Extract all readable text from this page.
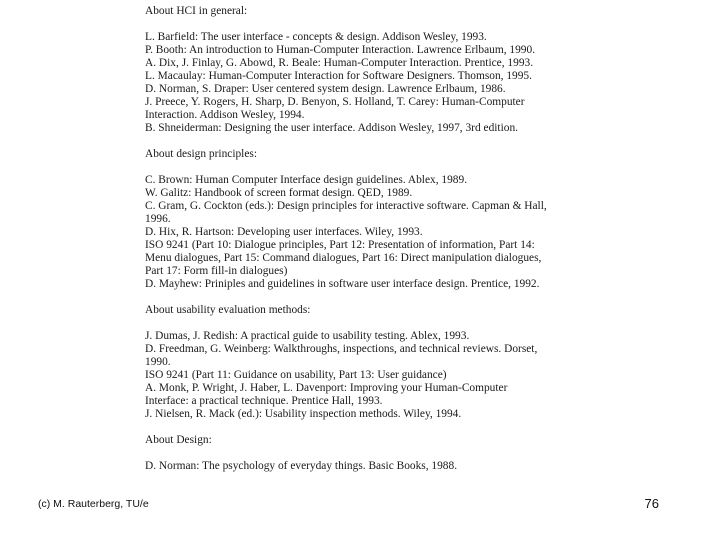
About HCI in general:
L. Barfield: The user interface - concepts & design. Addison Wesley, 1993.
P. Booth: An introduction to Human-Computer Interaction. Lawrence Erlbaum, 1990.
A. Dix, J. Finlay, G. Abowd, R. Beale: Human-Computer Interaction. Prentice, 1993.
L. Macaulay: Human-Computer Interaction for Software Designers. Thomson, 1995.
D. Norman, S. Draper: User centered system design. Lawrence Erlbaum, 1986.
J. Preece, Y. Rogers, H. Sharp, D. Benyon, S. Holland, T. Carey: Human-Computer
Interaction. Addison Wesley, 1994.
B. Shneiderman: Designing the user interface. Addison Wesley, 1997, 3rd edition.
About design principles:
C. Brown: Human Computer Interface design guidelines. Ablex, 1989.
W. Galitz: Handbook of screen format design. QED, 1989.
C. Gram, G. Cockton (eds.): Design principles for interactive software. Capman & Hall,
1996.
D. Hix, R. Hartson: Developing user interfaces. Wiley, 1993.
ISO 9241 (Part 10: Dialogue principles, Part 12: Presentation of information, Part 14:
Menu dialogues, Part 15: Command dialogues, Part 16: Direct manipulation dialogues,
Part 17: Form fill-in dialogues)
D. Mayhew: Priniples and guidelines in software user interface design. Prentice, 1992.
About usability evaluation methods:
J. Dumas, J. Redish: A practical guide to usability testing. Ablex, 1993.
D. Freedman, G. Weinberg: Walkthroughs, inspections, and technical reviews. Dorset,
1990.
ISO 9241 (Part 11: Guidance on usability, Part 13: User guidance)
A. Monk, P. Wright, J. Haber, L. Davenport: Improving your Human-Computer
Interface: a practical technique. Prentice Hall, 1993.
J. Nielsen, R. Mack (ed.): Usability inspection methods. Wiley, 1994.
About Design:
D. Norman: The psychology of everyday things. Basic Books, 1988.
(c) M. Rauterberg, TU/e	76
